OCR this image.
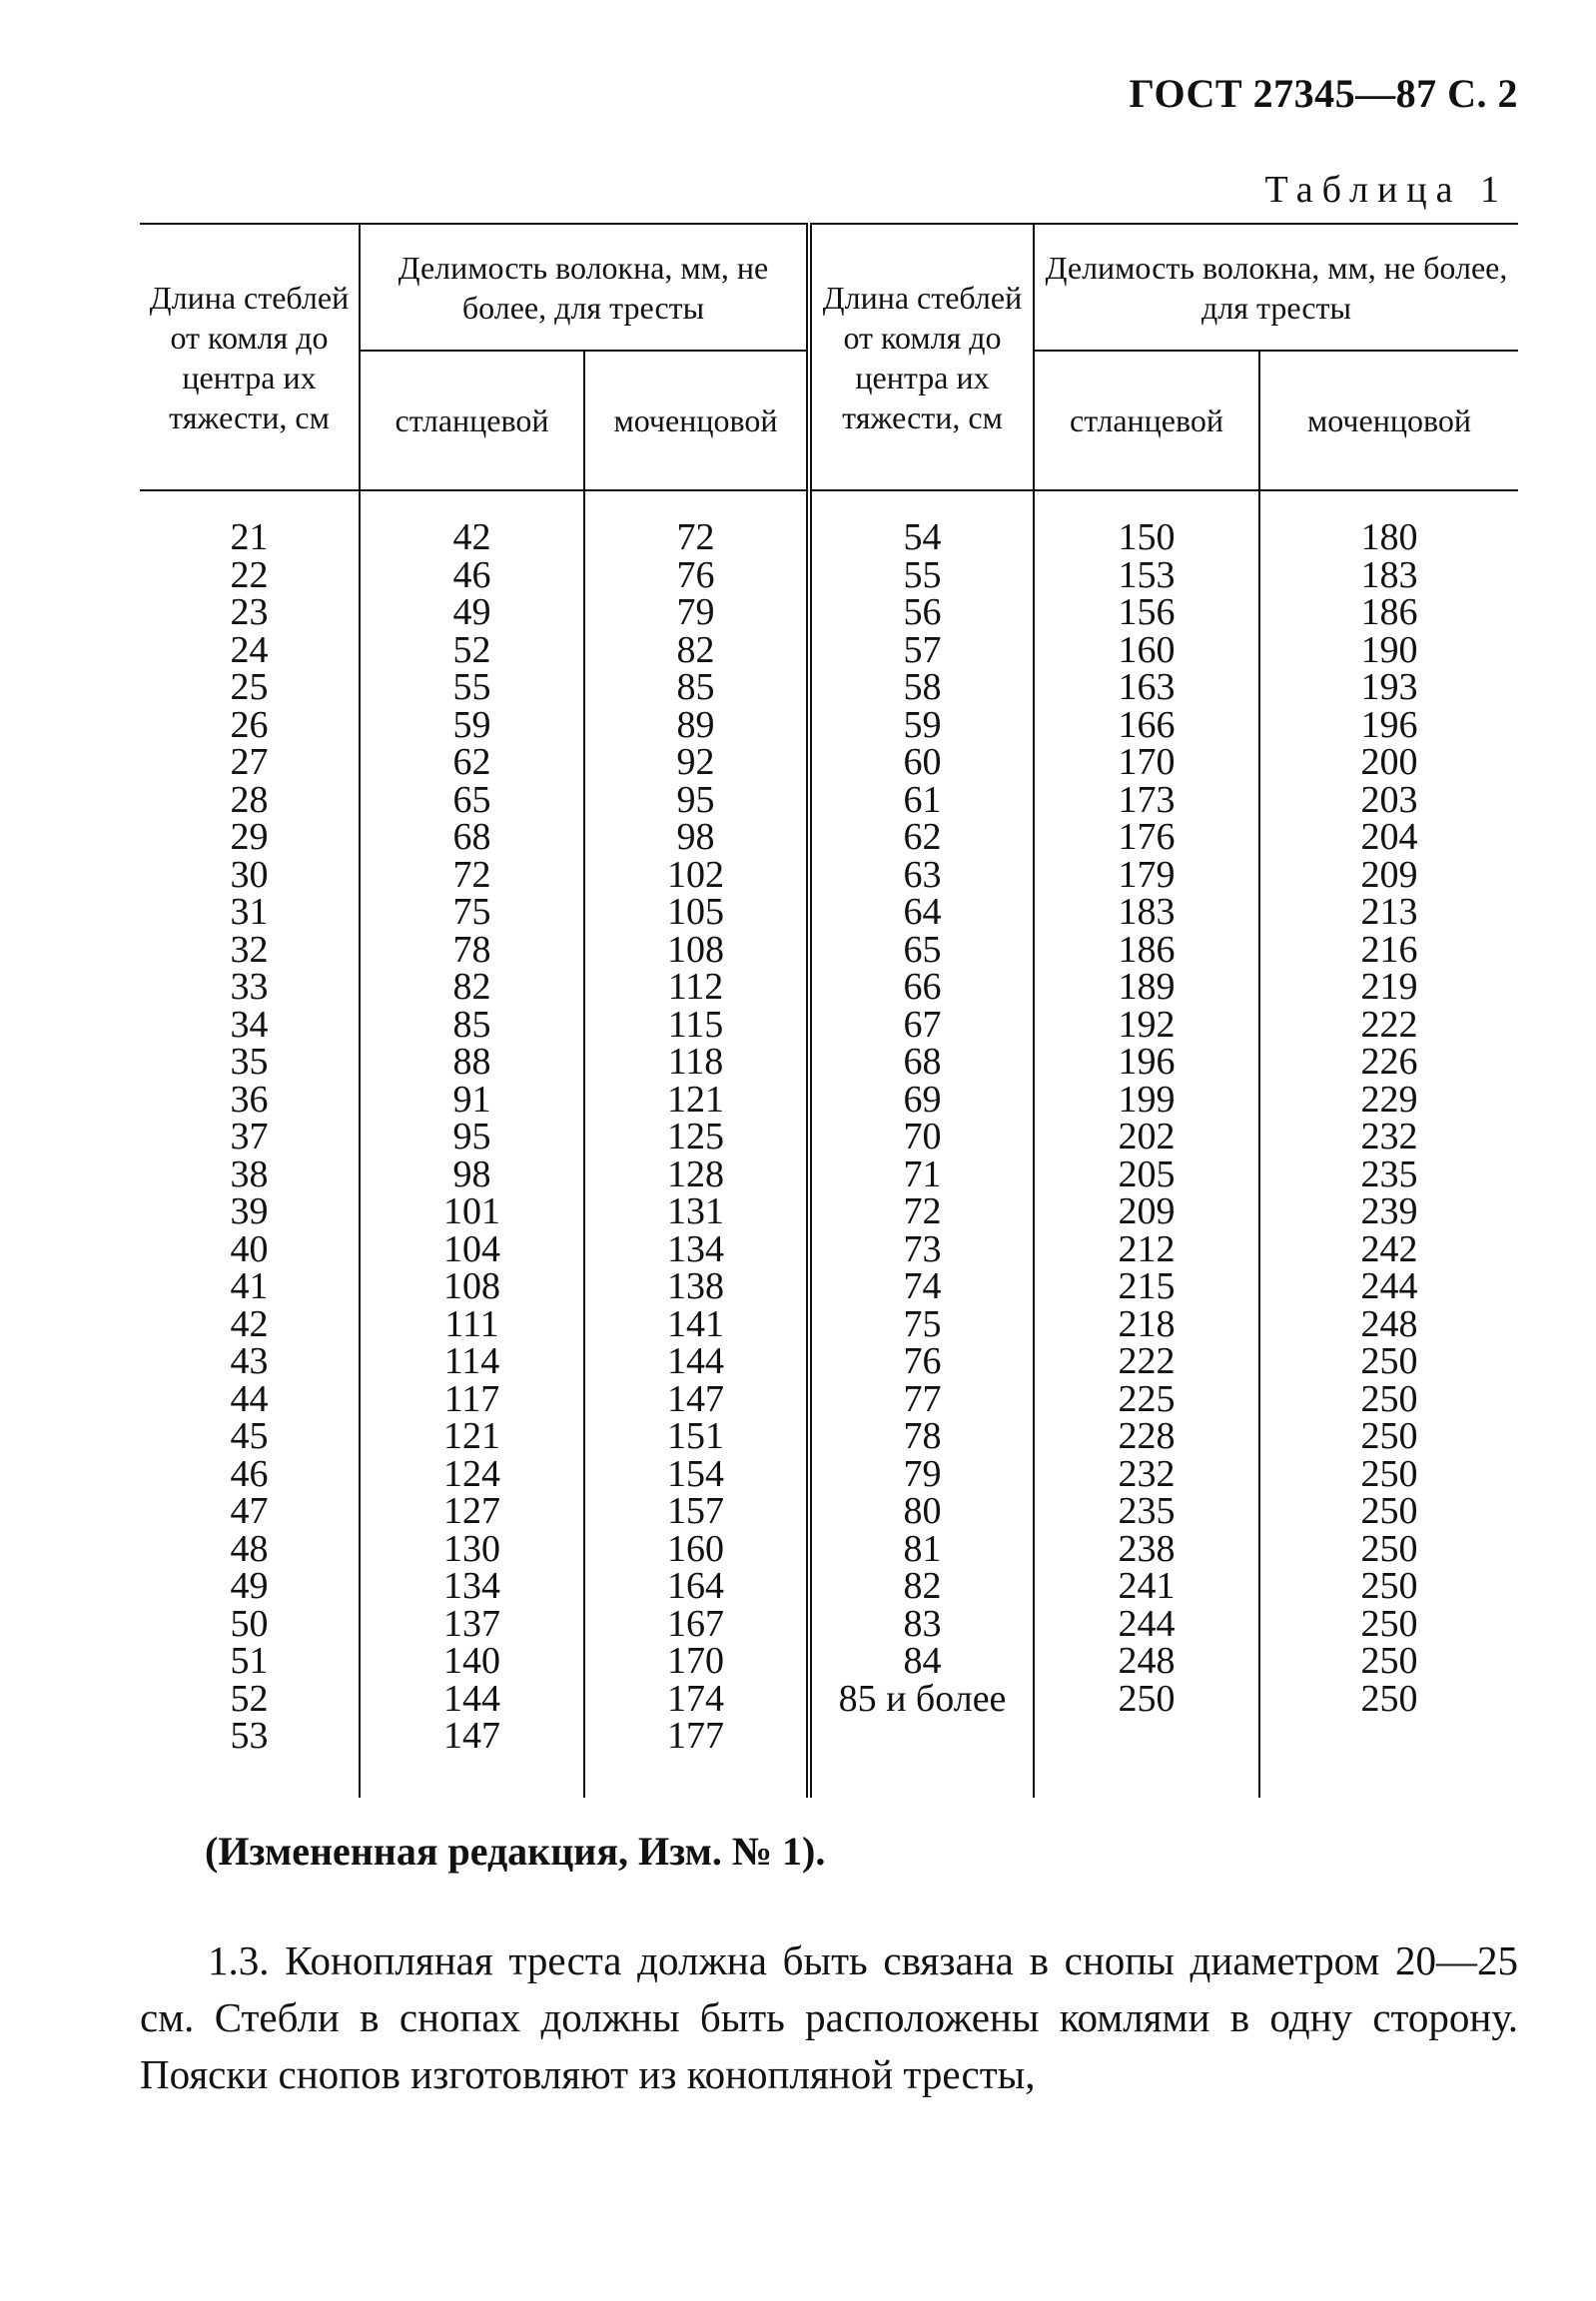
ГОСТ 27345—87 С. 2
Таблица 1
Длина стеблей от комля до центра их тяжести, см	Делимость волокна, мм, не более, для тресты		Длина стеблей от комля до центра их тяжести, см	Делимость волокна, мм, не более, для тресты	
	стланцевой	моченцовой		стланцевой	моченцовой
21	42	72	54	150	180
22	46	76	55	153	183
23	49	79	56	156	186
24	52	82	57	160	190
25	55	85	58	163	193
26	59	89	59	166	196
27	62	92	60	170	200
28	65	95	61	173	203
29	68	98	62	176	204
30	72	102	63	179	209
31	75	105	64	183	213
32	78	108	65	186	216
33	82	112	66	189	219
34	85	115	67	192	222
35	88	118	68	196	226
36	91	121	69	199	229
37	95	125	70	202	232
38	98	128	71	205	235
39	101	131	72	209	239
40	104	134	73	212	242
41	108	138	74	215	244
42	111	141	75	218	248
43	114	144	76	222	250
44	117	147	77	225	250
45	121	151	78	228	250
46	124	154	79	232	250
47	127	157	80	235	250
48	130	160	81	238	250
49	134	164	82	241	250
50	137	167	83	244	250
51	140	170	84	248	250
52	144	174	85 и более	250	250
53	147	177			
(Измененная редакция, Изм. № 1).
1.3. Конопляная треста должна быть связана в снопы диаметром 20—25 см. Стебли в снопах должны быть расположены комлями в одну сторону. Пояски снопов изготовляют из конопляной тресты,
